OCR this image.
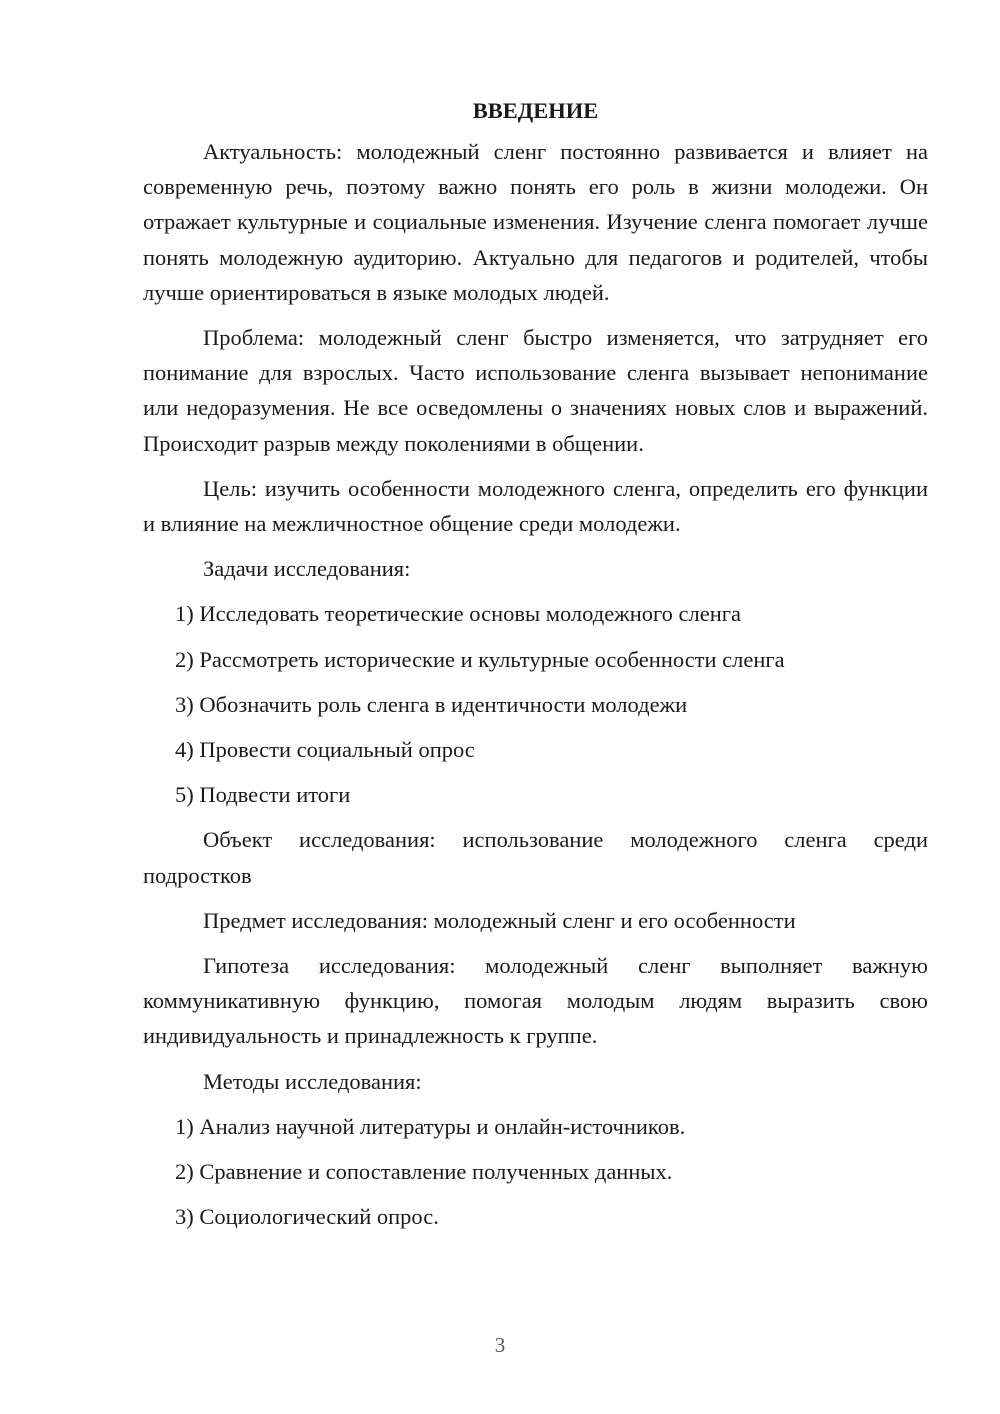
ВВЕДЕНИЕ

Актуальность: молодежный сленг постоянно развивается и влияет на современную речь, поэтому важно понять его роль в жизни молодежи. Он отражает культурные и социальные изменения. Изучение сленга помогает лучше понять молодежную аудиторию. Актуально для педагогов и родителей, чтобы лучше ориентироваться в языке молодых людей.

Проблема: молодежный сленг быстро изменяется, что затрудняет его понимание для взрослых. Часто использование сленга вызывает непонимание или недоразумения. Не все осведомлены о значениях новых слов и выражений. Происходит разрыв между поколениями в общении.

Цель: изучить особенности молодежного сленга, определить его функции и влияние на межличностное общение среди молодежи.

Задачи исследования:

1) Исследовать теоретические основы молодежного сленга

2) Рассмотреть исторические и культурные особенности сленга

3) Обозначить роль сленга в идентичности молодежи

4) Провести социальный опрос

5) Подвести итоги

Объект исследования: использование молодежного сленга среди подростков

Предмет исследования: молодежный сленг и его особенности

Гипотеза исследования: молодежный сленг выполняет важную коммуникативную функцию, помогая молодым людям выразить свою индивидуальность и принадлежность к группе.

Методы исследования:

1) Анализ научной литературы и онлайн-источников.

2) Сравнение и сопоставление полученных данных.

3) Социологический опрос.

3
